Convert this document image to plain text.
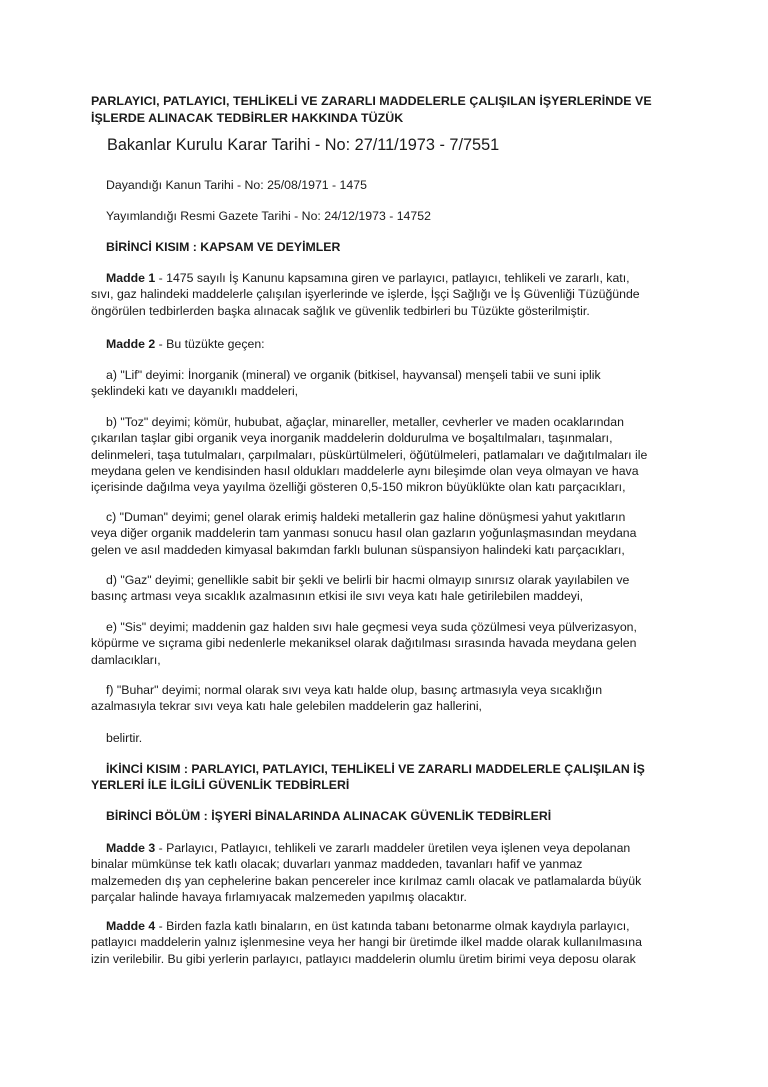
PARLAYICI, PATLAYICI, TEHLİKELİ VE ZARARLI MADDELERLE ÇALIŞILAN İŞYERLERİNDE VE
İŞLERDE ALINACAK TEDBİRLER HAKKINDA TÜZÜK
Bakanlar Kurulu Karar Tarihi - No: 27/11/1973 - 7/7551
Dayandığı Kanun Tarihi - No: 25/08/1971 - 1475
Yayımlandığı Resmi Gazete Tarihi - No: 24/12/1973 - 14752
BİRİNCİ KISIM : KAPSAM VE DEYİMLER
Madde 1 - 1475 sayılı İş Kanunu kapsamına giren ve parlayıcı, patlayıcı, tehlikeli ve zararlı, katı,
sıvı, gaz halindeki maddelerle çalışılan işyerlerinde ve işlerde, İşçi Sağlığı ve İş Güvenliği Tüzüğünde
öngörülen tedbirlerden başka alınacak sağlık ve güvenlik tedbirleri bu Tüzükte gösterilmiştir.
Madde 2 - Bu tüzükte geçen:
a) "Lif" deyimi: İnorganik (mineral) ve organik (bitkisel, hayvansal) menşeli tabii ve suni iplik
şeklindeki katı ve dayanıklı maddeleri,
b) "Toz" deyimi; kömür, hububat, ağaçlar, minareller, metaller, cevherler ve maden ocaklarından
çıkarılan taşlar gibi organik veya inorganik maddelerin doldurulma ve boşaltılmaları, taşınmaları,
delinmeleri, taşa tutulmaları, çarpılmaları, püskürtülmeleri, öğütülmeleri, patlamaları ve dağıtılmaları ile
meydana gelen ve kendisinden hasıl oldukları maddelerle aynı bileşimde olan veya olmayan ve hava
içerisinde dağılma veya yayılma özelliği gösteren 0,5-150 mikron büyüklükte olan katı parçacıkları,
c) "Duman" deyimi; genel olarak erimiş haldeki metallerin gaz haline dönüşmesi yahut yakıtların
veya diğer organik maddelerin tam yanması sonucu hasıl olan gazların yoğunlaşmasından meydana
gelen ve asıl maddeden kimyasal bakımdan farklı bulunan süspansiyon halindeki katı parçacıkları,
d) "Gaz" deyimi; genellikle sabit bir şekli ve belirli bir hacmi olmayıp sınırsız olarak yayılabilen ve
basınç artması veya sıcaklık azalmasının etkisi ile sıvı veya katı hale getirilebilen maddeyi,
e) "Sis" deyimi; maddenin gaz halden sıvı hale geçmesi veya suda çözülmesi veya pülverizasyon,
köpürme ve sıçrama gibi nedenlerle mekaniksel olarak dağıtılması sırasında havada meydana gelen
damlacıkları,
f) "Buhar" deyimi; normal olarak sıvı veya katı halde olup, basınç artmasıyla veya sıcaklığın
azalmasıyla tekrar sıvı veya katı hale gelebilen maddelerin gaz hallerini,
belirtir.
İKİNCİ KISIM : PARLAYICI, PATLAYICI, TEHLİKELİ VE ZARARLI MADDELERLE ÇALIŞILAN İŞ
YERLERİ İLE İLGİLİ GÜVENLİK TEDBİRLERİ
BİRİNCİ BÖLÜM : İŞYERİ BİNALARINDA ALINACAK GÜVENLİK TEDBİRLERİ
Madde 3 - Parlayıcı, Patlayıcı, tehlikeli ve zararlı maddeler üretilen veya işlenen veya depolanan
binalar mümkünse tek katlı olacak; duvarları yanmaz maddeden, tavanları hafif ve yanmaz
malzemeden dış yan cephelerine bakan pencereler ince kırılmaz camlı olacak ve patlamalarda büyük
parçalar halinde havaya fırlamıyacak malzemeden yapılmış olacaktır.
Madde 4 - Birden fazla katlı binaların, en üst katında tabanı betonarme olmak kaydıyla parlayıcı,
patlayıcı maddelerin yalnız işlenmesine veya her hangi bir üretimde ilkel madde olarak kullanılmasına
izin verilebilir. Bu gibi yerlerin parlayıcı, patlayıcı maddelerin olumlu üretim birimi veya deposu olarak
